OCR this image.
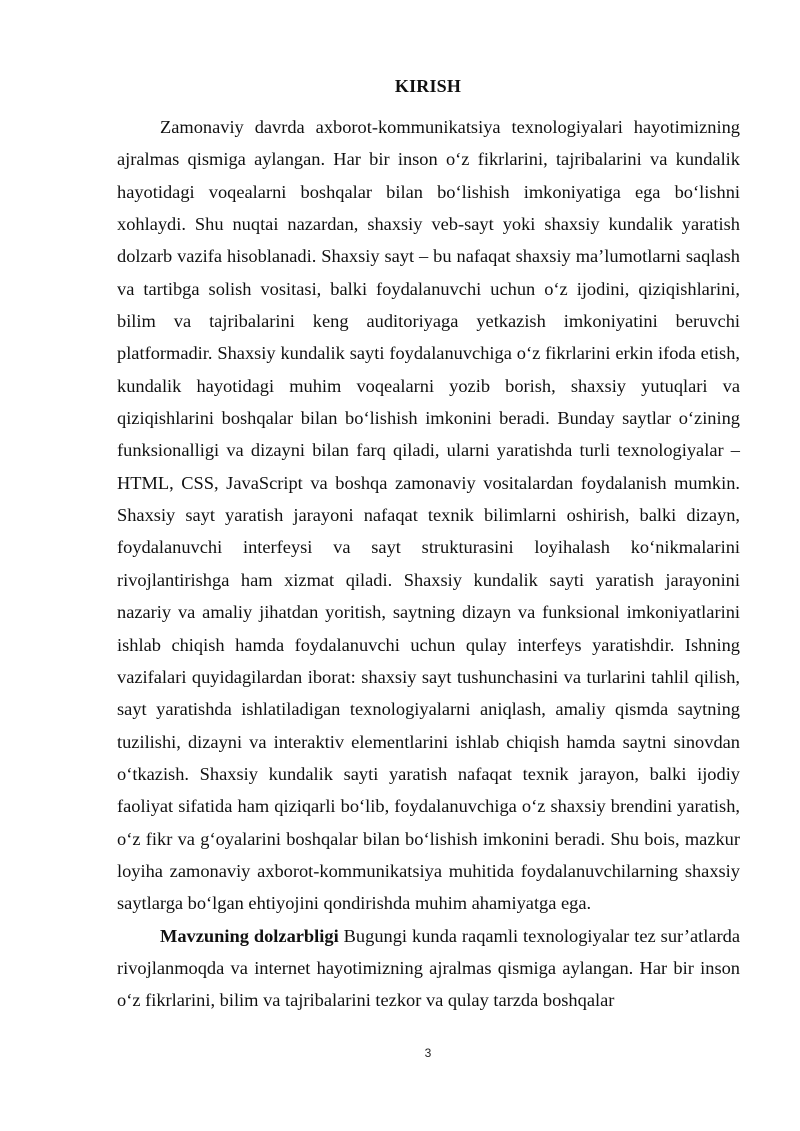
KIRISH

Zamonaviy davrda axborot-kommunikatsiya texnologiyalari hayotimizning ajralmas qismiga aylangan. Har bir inson o‘z fikrlarini, tajribalarini va kundalik hayotidagi voqealarni boshqalar bilan bo‘lishish imkoniyatiga ega bo‘lishni xohlaydi. Shu nuqtai nazardan, shaxsiy veb-sayt yoki shaxsiy kundalik yaratish dolzarb vazifa hisoblanadi. Shaxsiy sayt – bu nafaqat shaxsiy ma’lumotlarni saqlash va tartibga solish vositasi, balki foydalanuvchi uchun o‘z ijodini, qiziqishlarini, bilim va tajribalarini keng auditoriyaga yetkazish imkoniyatini beruvchi platformadir. Shaxsiy kundalik sayti foydalanuvchiga o‘z fikrlarini erkin ifoda etish, kundalik hayotidagi muhim voqealarni yozib borish, shaxsiy yutuqlari va qiziqishlarini boshqalar bilan bo‘lishish imkonini beradi. Bunday saytlar o‘zining funksionalligi va dizayni bilan farq qiladi, ularni yaratishda turli texnologiyalar – HTML, CSS, JavaScript va boshqa zamonaviy vositalardan foydalanish mumkin. Shaxsiy sayt yaratish jarayoni nafaqat texnik bilimlarni oshirish, balki dizayn, foydalanuvchi interfeysi va sayt strukturasini loyihalash ko‘nikmalarini rivojlantirishga ham xizmat qiladi. Shaxsiy kundalik sayti yaratish jarayonini nazariy va amaliy jihatdan yoritish, saytning dizayn va funksional imkoniyatlarini ishlab chiqish hamda foydalanuvchi uchun qulay interfeys yaratishdir. Ishning vazifalari quyidagilardan iborat: shaxsiy sayt tushunchasini va turlarini tahlil qilish, sayt yaratishda ishlatiladigan texnologiyalarni aniqlash, amaliy qismda saytning tuzilishi, dizayni va interaktiv elementlarini ishlab chiqish hamda saytni sinovdan o‘tkazish. Shaxsiy kundalik sayti yaratish nafaqat texnik jarayon, balki ijodiy faoliyat sifatida ham qiziqarli bo‘lib, foydalanuvchiga o‘z shaxsiy brendini yaratish, o‘z fikr va g‘oyalarini boshqalar bilan bo‘lishish imkonini beradi. Shu bois, mazkur loyiha zamonaviy axborot-kommunikatsiya muhitida foydalanuvchilarning shaxsiy saytlarga bo‘lgan ehtiyojini qondirishda muhim ahamiyatga ega.

Mavzuning dolzarbligi Bugungi kunda raqamli texnologiyalar tez sur’atlarda rivojlanmoqda va internet hayotimizning ajralmas qismiga aylangan. Har bir inson o‘z fikrlarini, bilim va tajribalarini tezkor va qulay tarzda boshqalar

3
